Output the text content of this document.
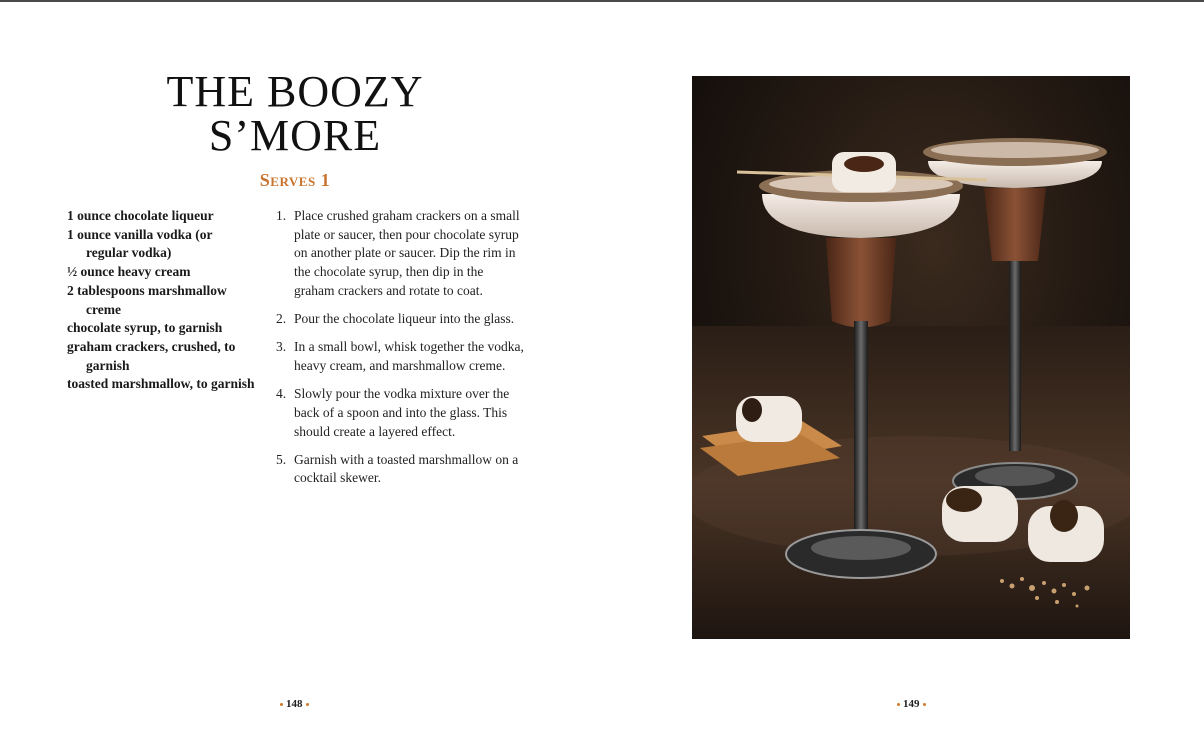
THE BOOZY
S’MORE
Serves 1
1 ounce chocolate liqueur
1 ounce vanilla vodka (or regular vodka)
½ ounce heavy cream
2 tablespoons marshmallow creme
chocolate syrup, to garnish
graham crackers, crushed, to garnish
toasted marshmallow, to garnish
1. Place crushed graham crackers on a small plate or saucer, then pour chocolate syrup on another plate or saucer. Dip the rim in the chocolate syrup, then dip in the graham crackers and rotate to coat.
2. Pour the chocolate liqueur into the glass.
3. In a small bowl, whisk together the vodka, heavy cream, and marshmallow creme.
4. Slowly pour the vodka mixture over the back of a spoon and into the glass. This should create a layered effect.
5. Garnish with a toasted marshmallow on a cocktail skewer.
148	149
